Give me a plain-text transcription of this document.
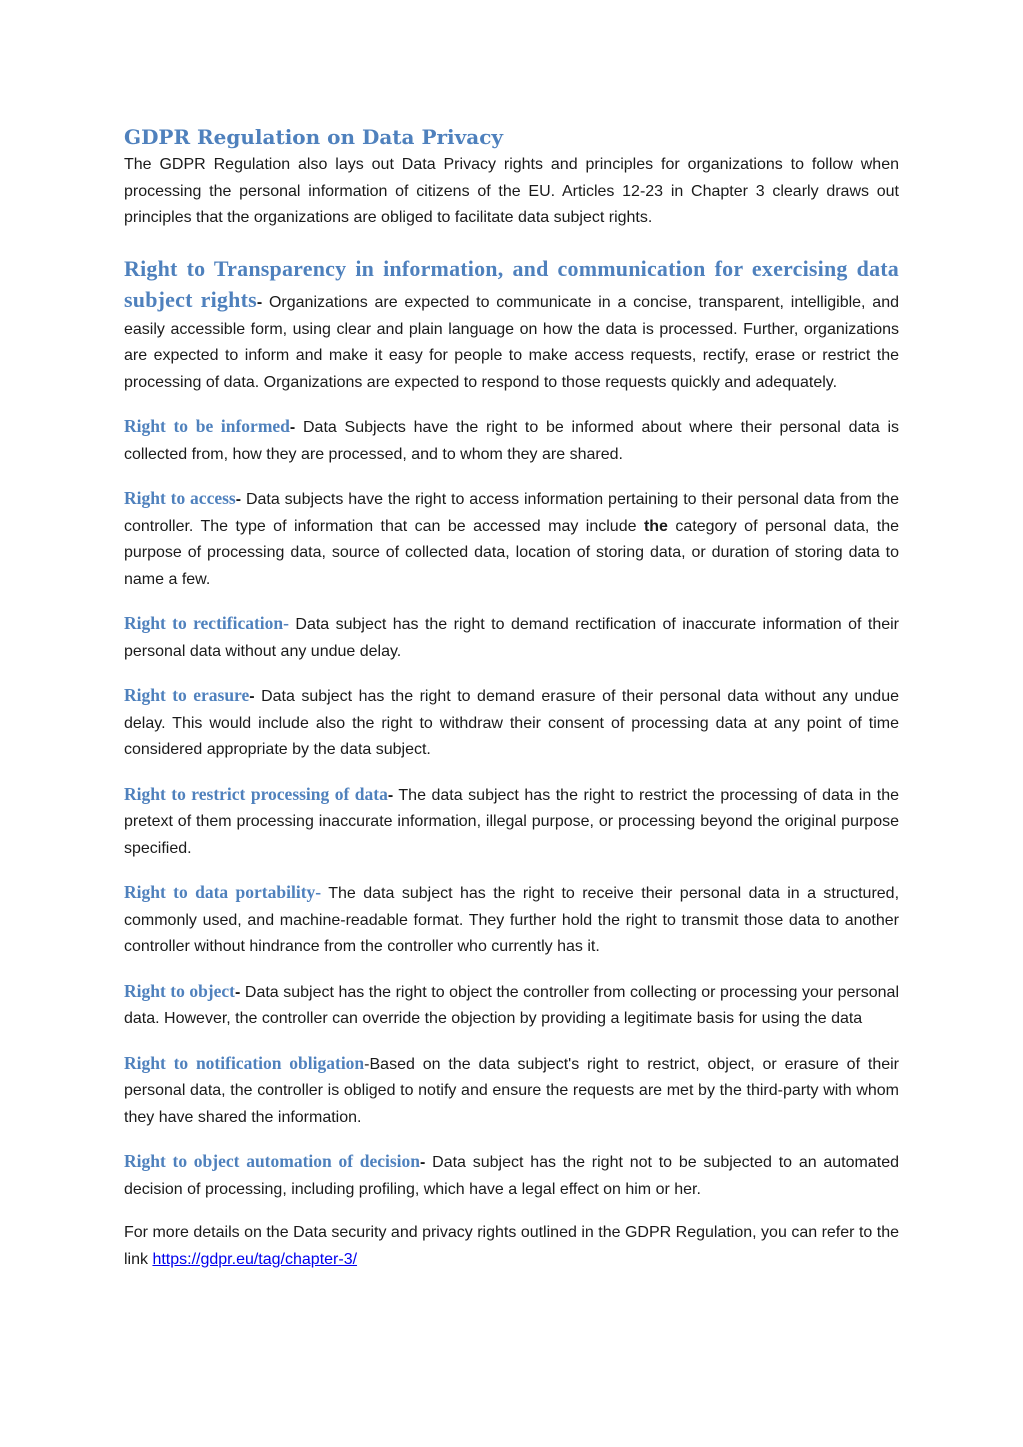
GDPR Regulation on Data Privacy

The GDPR Regulation also lays out Data Privacy rights and principles for organizations to follow when processing the personal information of citizens of the EU. Articles 12-23 in Chapter 3 clearly draws out principles that the organizations are obliged to facilitate data subject rights.

Right to Transparency in information, and communication for exercising data subject rights- Organizations are expected to communicate in a concise, transparent, intelligible, and easily accessible form, using clear and plain language on how the data is processed. Further, organizations are expected to inform and make it easy for people to make access requests, rectify, erase or restrict the processing of data. Organizations are expected to respond to those requests quickly and adequately.

Right to be informed- Data Subjects have the right to be informed about where their personal data is collected from, how they are processed, and to whom they are shared.

Right to access- Data subjects have the right to access information pertaining to their personal data from the controller. The type of information that can be accessed may include the category of personal data, the purpose of processing data, source of collected data, location of storing data, or duration of storing data to name a few.

Right to rectification- Data subject has the right to demand rectification of inaccurate information of their personal data without any undue delay.

Right to erasure- Data subject has the right to demand erasure of their personal data without any undue delay. This would include also the right to withdraw their consent of processing data at any point of time considered appropriate by the data subject.

Right to restrict processing of data- The data subject has the right to restrict the processing of data in the pretext of them processing inaccurate information, illegal purpose, or processing beyond the original purpose specified.

Right to data portability- The data subject has the right to receive their personal data in a structured, commonly used, and machine-readable format. They further hold the right to transmit those data to another controller without hindrance from the controller who currently has it.

Right to object- Data subject has the right to object the controller from collecting or processing your personal data. However, the controller can override the objection by providing a legitimate basis for using the data

Right to notification obligation-Based on the data subject's right to restrict, object, or erasure of their personal data, the controller is obliged to notify and ensure the requests are met by the third-party with whom they have shared the information.

Right to object automation of decision- Data subject has the right not to be subjected to an automated decision of processing, including profiling, which have a legal effect on him or her.

For more details on the Data security and privacy rights outlined in the GDPR Regulation, you can refer to the link https://gdpr.eu/tag/chapter-3/
